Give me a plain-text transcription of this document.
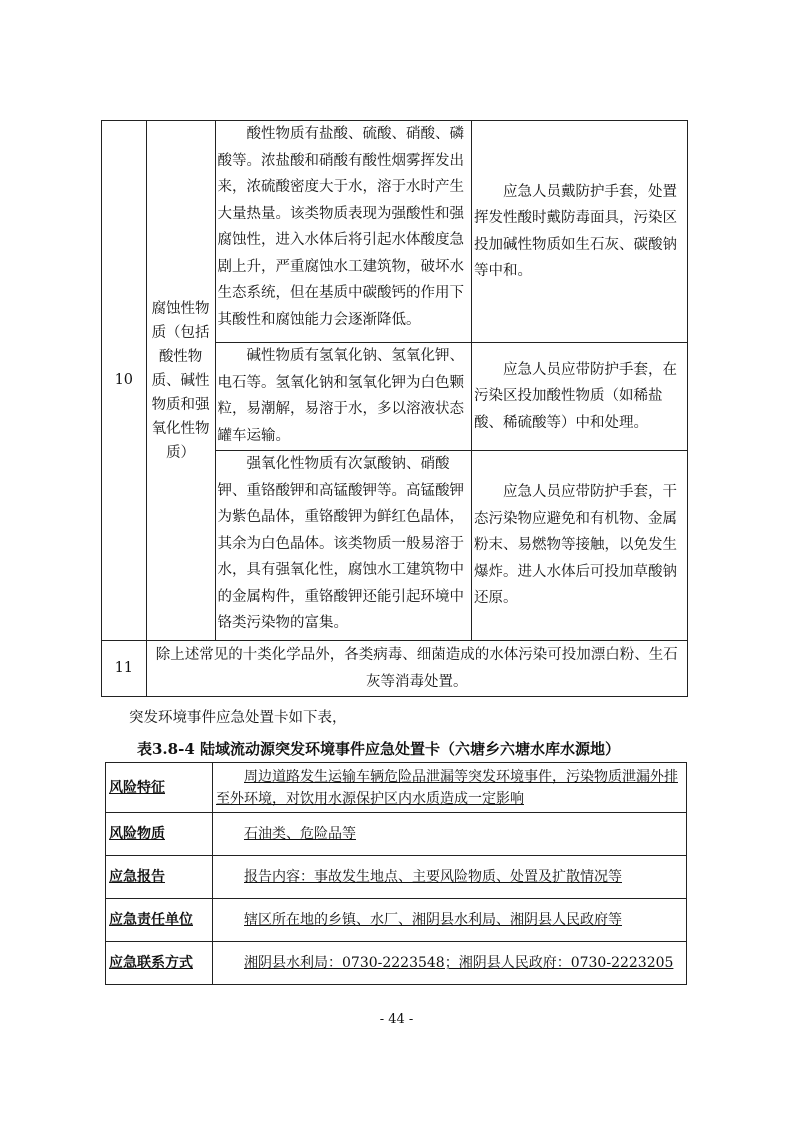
10	腐蚀性物质（包括酸性物质、碱性物质和强氧化性物质）	酸性物质有盐酸、硫酸、硝酸、磷酸等。浓盐酸和硝酸有酸性烟雾挥发出来，浓硫酸密度大于水，溶于水时产生大量热量。该类物质表现为强酸性和强腐蚀性，进入水体后将引起水体酸度急剧上升，严重腐蚀水工建筑物，破坏水生态系统，但在基质中碳酸钙的作用下其酸性和腐蚀能力会逐渐降低。	应急人员戴防护手套，处置挥发性酸时戴防毒面具，污染区投加碱性物质如生石灰、碳酸钠等中和。
		碱性物质有氢氧化钠、氢氧化钾、电石等。氢氧化钠和氢氧化钾为白色颗粒，易潮解，易溶于水，多以溶液状态罐车运输。	应急人员应带防护手套，在污染区投加酸性物质（如稀盐酸、稀硫酸等）中和处理。
		强氧化性物质有次氯酸钠、硝酸钾、重铬酸钾和高锰酸钾等。高锰酸钾为紫色晶体，重铬酸钾为鲜红色晶体，其余为白色晶体。该类物质一般易溶于水，具有强氧化性，腐蚀水工建筑物中的金属构件，重铬酸钾还能引起环境中铬类污染物的富集。	应急人员应带防护手套，干态污染物应避免和有机物、金属粉末、易燃物等接触，以免发生爆炸。进人水体后可投加草酸钠还原。
11	除上述常见的十类化学品外，各类病毒、细菌造成的水体污染可投加漂白粉、生石灰等消毒处置。		
突发环境事件应急处置卡如下表，
表3.8-4 陆域流动源突发环境事件应急处置卡（六塘乡六塘水库水源地）
风险特征	周边道路发生运输车辆危险品泄漏等突发环境事件，污染物质泄漏外排至外环境，对饮用水源保护区内水质造成一定影响
风险物质	石油类、危险品等
应急报告	报告内容：事故发生地点、主要风险物质、处置及扩散情况等
应急责任单位	辖区所在地的乡镇、水厂、湘阴县水利局、湘阴县人民政府等
应急联系方式	湘阴县水利局：0730-2223548；湘阴县人民政府：0730-2223205
- 44 -
